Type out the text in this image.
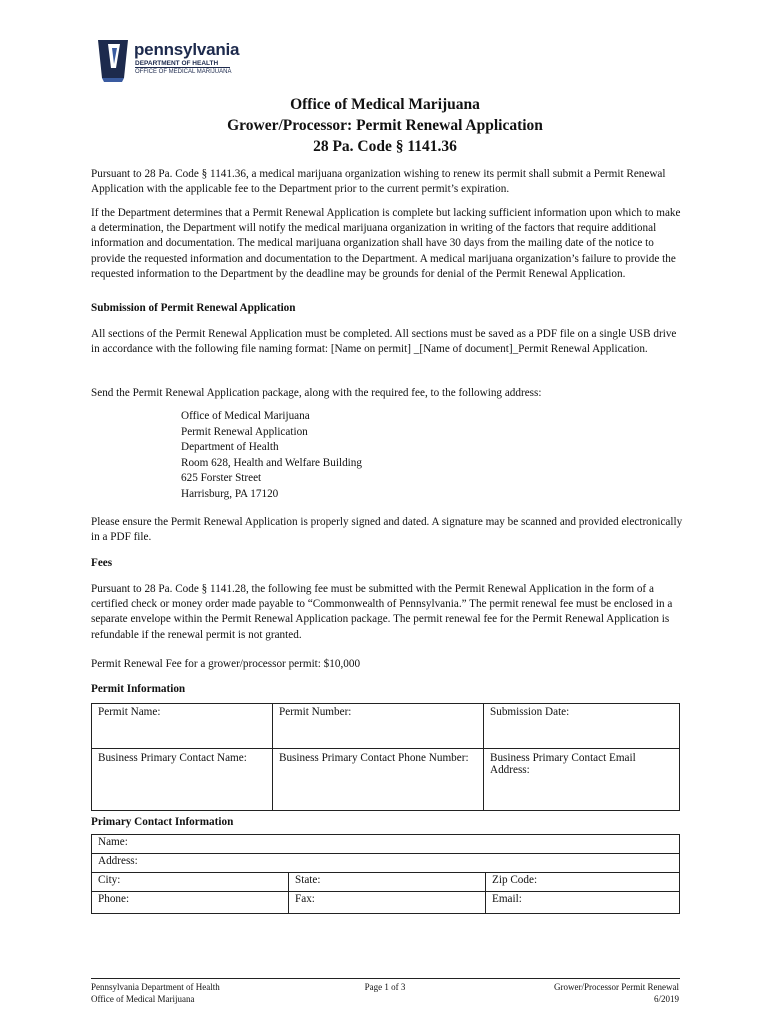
pennsylvania
DEPARTMENT OF HEALTH
OFFICE OF MEDICAL MARIJUANA
Office of Medical Marijuana
Grower/Processor: Permit Renewal Application
28 Pa. Code § 1141.36

Pursuant to 28 Pa. Code § 1141.36, a medical marijuana organization wishing to renew its permit shall submit a Permit Renewal Application with the applicable fee to the Department prior to the current permit’s expiration.

If the Department determines that a Permit Renewal Application is complete but lacking sufficient information upon which to make a determination, the Department will notify the medical marijuana organization in writing of the factors that require additional information and documentation. The medical marijuana organization shall have 30 days from the mailing date of the notice to provide the requested information and documentation to the Department. A medical marijuana organization’s failure to provide the requested information to the Department by the deadline may be grounds for denial of the Permit Renewal Application.

Submission of Permit Renewal Application

All sections of the Permit Renewal Application must be completed. All sections must be saved as a PDF file on a single USB drive in accordance with the following file naming format: [Name on permit] _[Name of document]_Permit Renewal Application.

Send the Permit Renewal Application package, along with the required fee, to the following address:

Office of Medical Marijuana
Permit Renewal Application
Department of Health
Room 628, Health and Welfare Building
625 Forster Street
Harrisburg, PA 17120

Please ensure the Permit Renewal Application is properly signed and dated. A signature may be scanned and provided electronically in a PDF file.

Fees

Pursuant to 28 Pa. Code § 1141.28, the following fee must be submitted with the Permit Renewal Application in the form of a certified check or money order made payable to “Commonwealth of Pennsylvania.” The permit renewal fee must be enclosed in a separate envelope within the Permit Renewal Application package. The permit renewal fee for the Permit Renewal Application is refundable if the renewal permit is not granted.

Permit Renewal Fee for a grower/processor permit: $10,000

Permit Information

Permit Name:	Permit Number:	Submission Date:
Business Primary Contact Name:	Business Primary Contact Phone Number:	Business Primary Contact Email Address:

Primary Contact Information

Name:		
Address:		
City:	State:	Zip Code:
Phone:	Fax:	Email:
Pennsylvania Department of Health
Office of Medical Marijuana
Page 1 of 3	Grower/Processor Permit Renewal
6/2019
